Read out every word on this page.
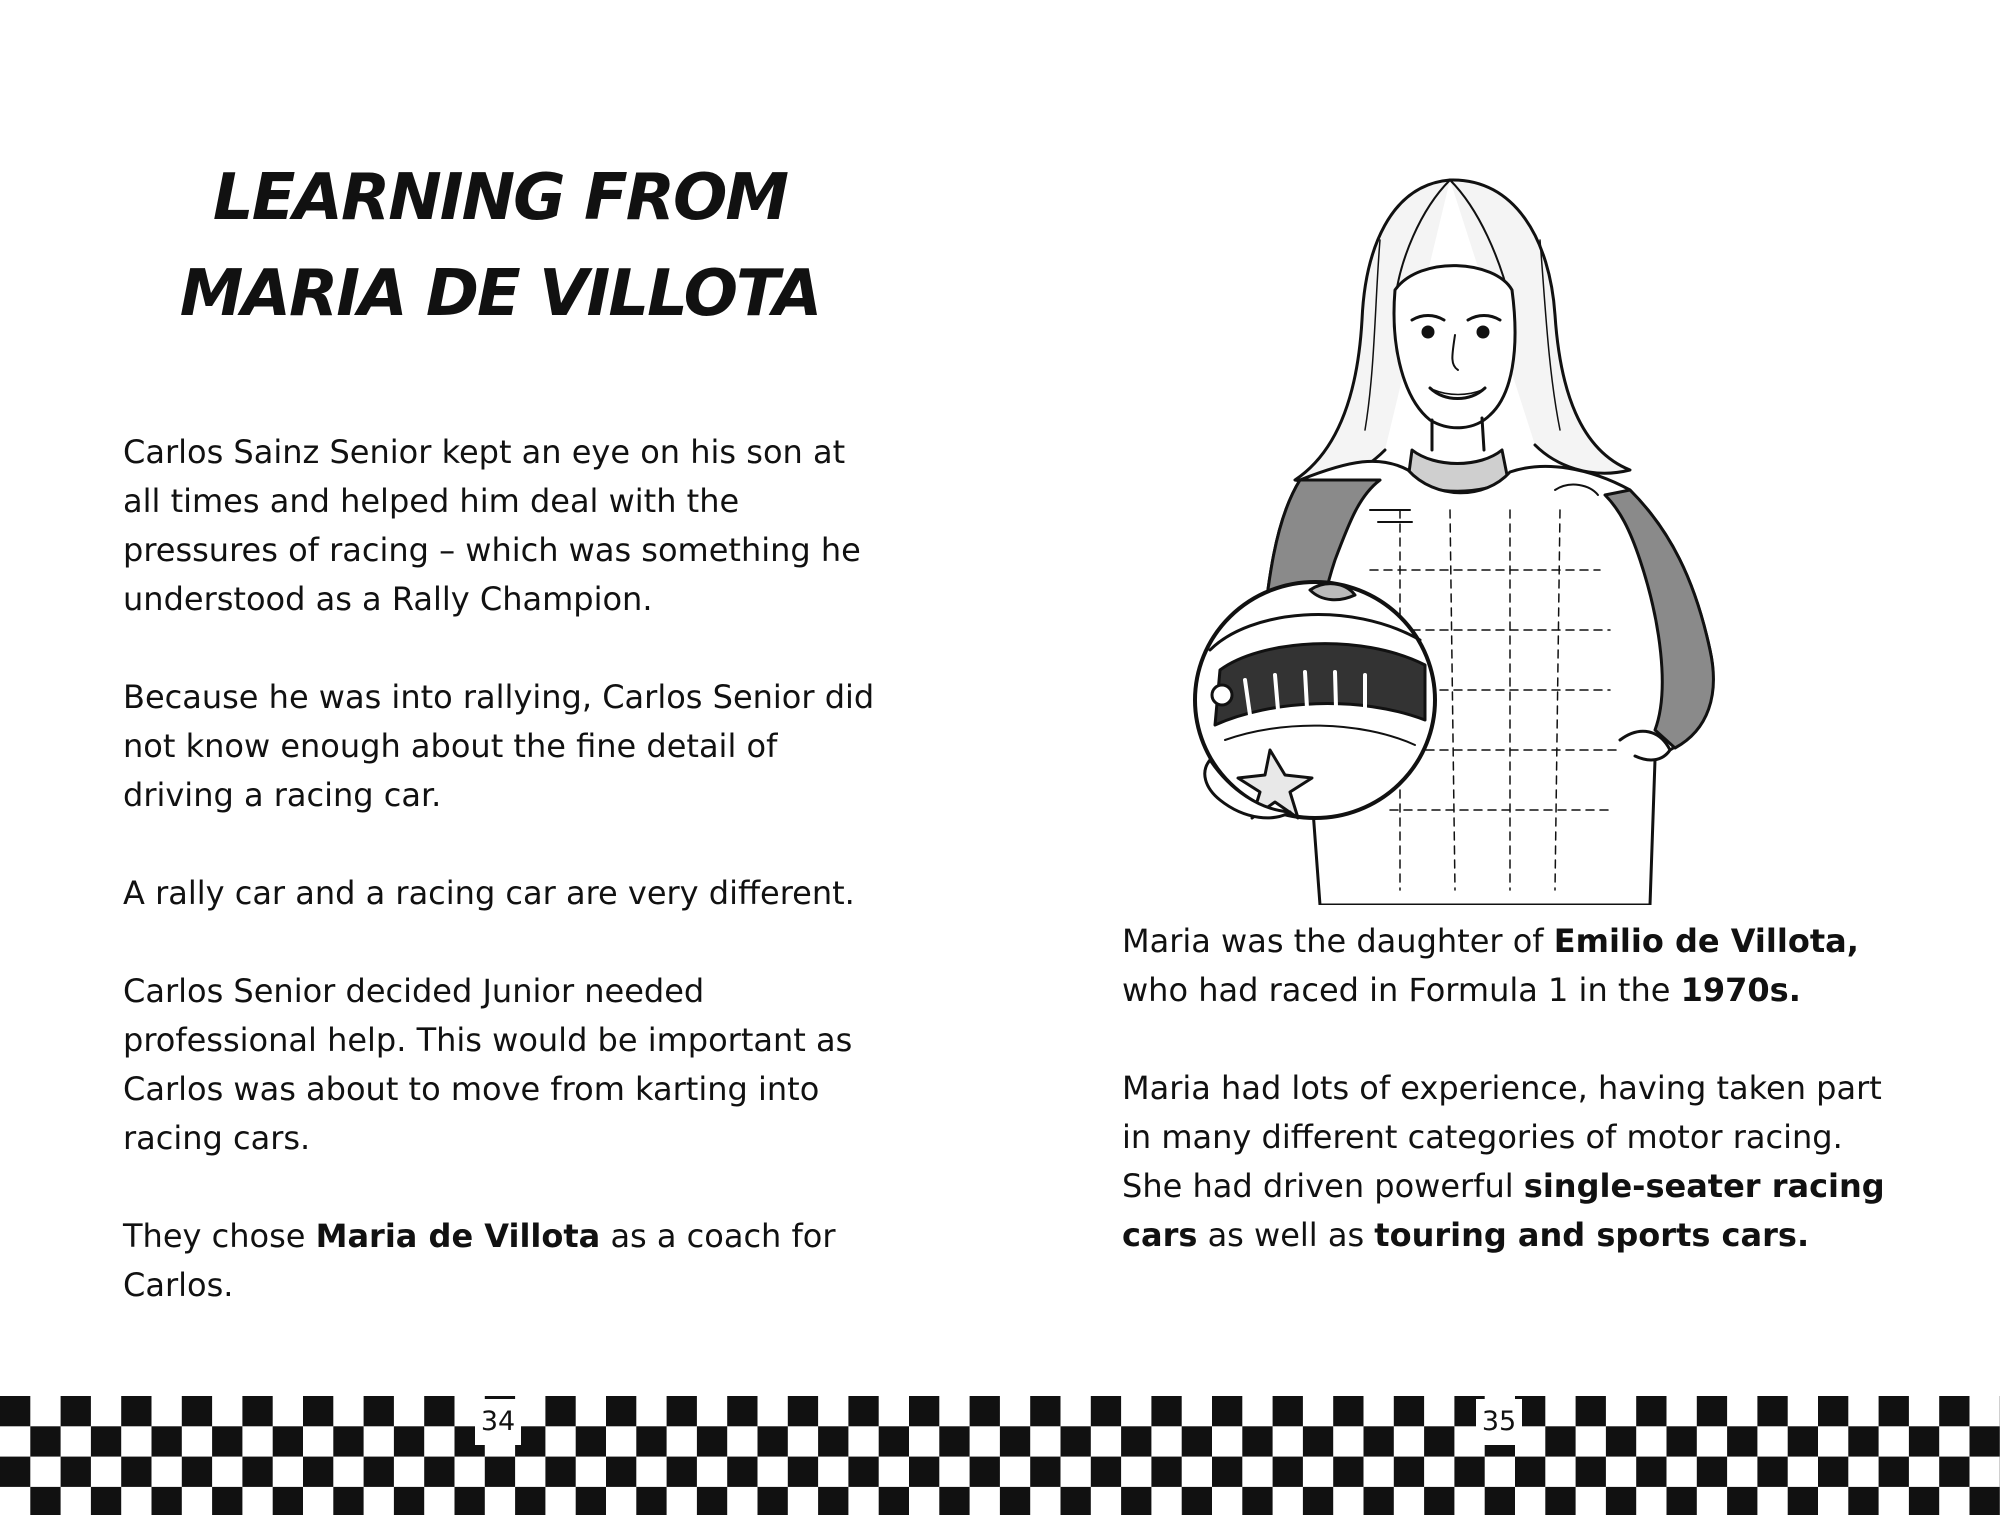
LEARNING FROM
MARIA DE VILLOTA

Carlos Sainz Senior kept an eye on his son at all times and helped him deal with the pressures of racing – which was something he understood as a Rally Champion.

Because he was into rallying, Carlos Senior did not know enough about the fine detail of driving a racing car.

A rally car and a racing car are very different.

Carlos Senior decided Junior needed professional help. This would be important as Carlos was about to move from karting into racing cars.

They chose Maria de Villota as a coach for Carlos.

Maria was the daughter of Emilio de Villota, who had raced in Formula 1 in the 1970s.

Maria had lots of experience, having taken part in many different categories of motor racing. She had driven powerful single-seater racing cars as well as touring and sports cars.

34	35
